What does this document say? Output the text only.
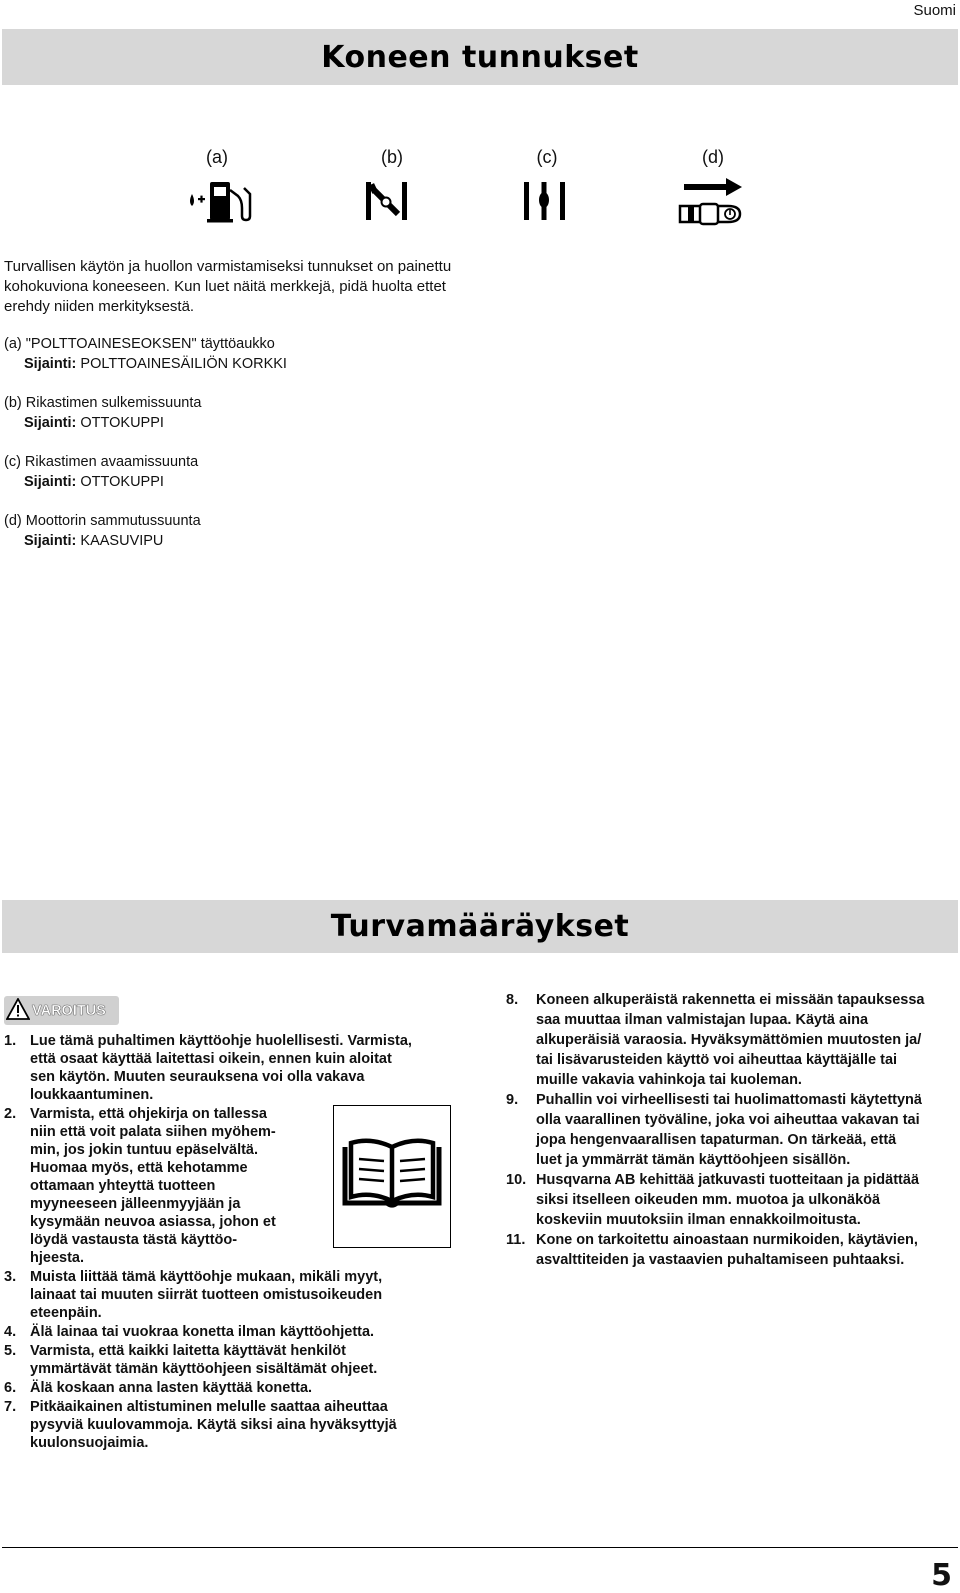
Suomi
Koneen tunnukset
(a)	(b)	(c)	(d)
Turvallisen käytön ja huollon varmistamiseksi tunnukset on painettu kohokuviona koneeseen. Kun luet näitä merkkejä, pidä huolta ettet erehdy niiden merkityksestä.
(a) "POLTTOAINESEOKSEN" täyttöaukko
Sijainti: POLTTOAINESÄILIÖN KORKKI
(b) Rikastimen sulkemissuunta
Sijainti: OTTOKUPPI
(c) Rikastimen avaamissuunta
Sijainti: OTTOKUPPI
(d) Moottorin sammutussuunta
Sijainti: KAASUVIPU
Turvamääräykset
VAROITUS
1. Lue tämä puhaltimen käyttöohje huolellisesti. Varmista,
että osaat käyttää laitettasi oikein, ennen kuin aloitat
sen käytön. Muuten seurauksena voi olla vakava
loukkaantuminen.
2. Varmista, että ohjekirja on tallessa
niin että voit palata siihen myöhem-
min, jos jokin tuntuu epäselvältä.
Huomaa myös, että kehotamme
ottamaan yhteyttä tuotteen
myyneeseen jälleenmyyjään ja
kysymään neuvoa asiassa, johon et
löydä vastausta tästä käyttöo-
hjeesta.
3. Muista liittää tämä käyttöohje mukaan, mikäli myyt,
lainaat tai muuten siirrät tuotteen omistusoikeuden
eteenpäin.
4. Älä lainaa tai vuokraa konetta ilman käyttöohjetta.
5. Varmista, että kaikki laitetta käyttävät henkilöt
ymmärtävät tämän käyttöohjeen sisältämät ohjeet.
6. Älä koskaan anna lasten käyttää konetta.
7. Pitkäaikainen altistuminen melulle saattaa aiheuttaa
pysyviä kuulovammoja. Käytä siksi aina hyväksyttyjä
kuulonsuojaimia.
8. Koneen alkuperäistä rakennetta ei missään tapauksessa
saa muuttaa ilman valmistajan lupaa. Käytä aina
alkuperäisiä varaosia. Hyväksymättömien muutosten ja/
tai lisävarusteiden käyttö voi aiheuttaa käyttäjälle tai
muille vakavia vahinkoja tai kuoleman.
9. Puhallin voi virheellisesti tai huolimattomasti käytettynä
olla vaarallinen työväline, joka voi aiheuttaa vakavan tai
jopa hengenvaarallisen tapaturman. On tärkeää, että
luet ja ymmärrät tämän käyttöohjeen sisällön.
10. Husqvarna AB kehittää jatkuvasti tuotteitaan ja pidättää
siksi itselleen oikeuden mm. muotoa ja ulkonäköä
koskeviin muutoksiin ilman ennakkoilmoitusta.
11. Kone on tarkoitettu ainoastaan nurmikoiden, käytävien,
asvalttiteiden ja vastaavien puhaltamiseen puhtaaksi.
5
